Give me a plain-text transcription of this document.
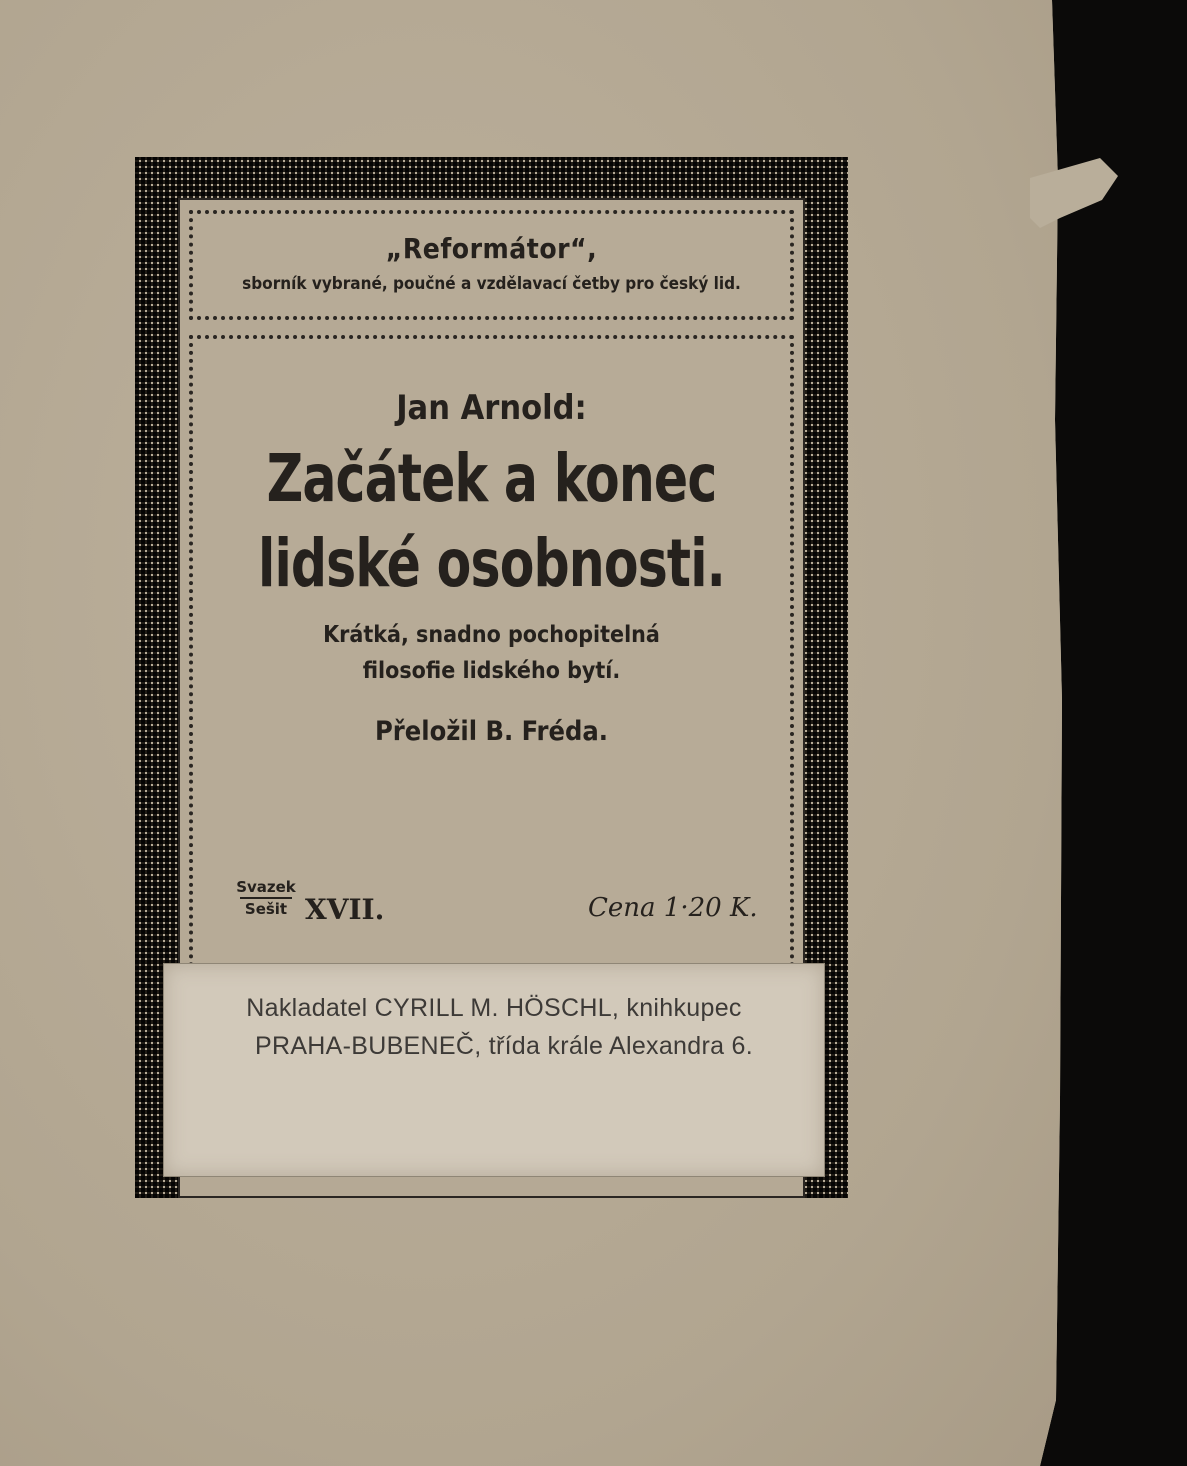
„Reformátor“,
sborník vybrané, poučné a vzdělavací četby pro český lid.
Jan Arnold:
Začátek a konec
lidské osobnosti.
Krátká, snadno pochopitelná
filosofie lidského bytí.
Přeložil B. Fréda.
Svazek
Sešit XVII.	Cena 1·20 K.
Nakladatel CYRILL M. HÖSCHL, knihkupec
PRAHA-BUBENEČ, třída krále Alexandra 6.
